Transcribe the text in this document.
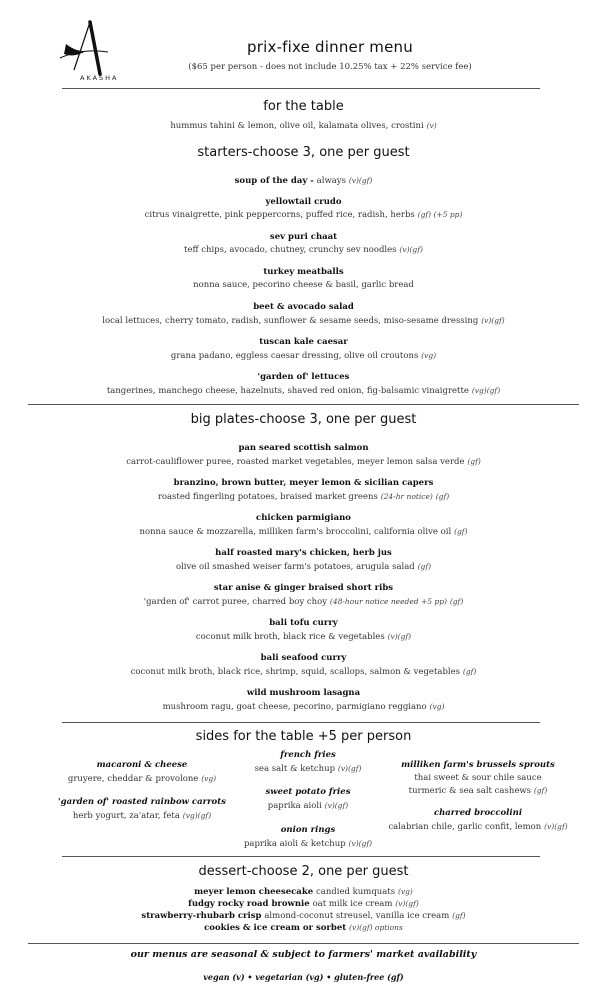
AKASHA
prix-fixe dinner menu
($65 per person - does not include 10.25% tax + 22% service fee)
for the table
hummus tahini & lemon, olive oil, kalamata olives, crostini (v)
starters-choose 3, one per guest
soup of the day - always (v)(gf)
yellowtail crudo
citrus vinaigrette, pink peppercorns, puffed rice, radish, herbs (gf) (+5 pp)
sev puri chaat
teff chips, avocado, chutney, crunchy sev noodles (v)(gf)
turkey meatballs
nonna sauce, pecorino cheese & basil, garlic bread
beet & avocado salad
local lettuces, cherry tomato, radish, sunflower & sesame seeds, miso-sesame dressing (v)(gf)
tuscan kale caesar
grana padano, eggless caesar dressing, olive oil croutons (vg)
'garden of' lettuces
tangerines, manchego cheese, hazelnuts, shaved red onion, fig-balsamic vinaigrette (vg)(gf)
big plates-choose 3, one per guest
pan seared scottish salmon
carrot-cauliflower puree, roasted market vegetables, meyer lemon salsa verde (gf)
branzino, brown butter, meyer lemon & sicilian capers
roasted fingerling potatoes, braised market greens (24-hr notice) (gf)
chicken parmigiano
nonna sauce & mozzarella, milliken farm's broccolini, california olive oil (gf)
half roasted mary's chicken, herb jus
olive oil smashed weiser farm's potatoes, arugula salad (gf)
star anise & ginger braised short ribs
'garden of' carrot puree, charred boy choy (48-hour notice needed +5 pp) (gf)
bali tofu curry
coconut milk broth, black rice & vegetables (v)(gf)
bali seafood curry
coconut milk broth, black rice, shrimp, squid, scallops, salmon & vegetables (gf)
wild mushroom lasagna
mushroom ragu, goat cheese, pecorino, parmigiano reggiano (vg)
sides for the table +5 per person
macaroni & cheese
gruyere, cheddar & provolone (vg)
'garden of' roasted rainbow carrots
herb yogurt, za'atar, feta (vg)(gf)
french fries
sea salt & ketchup (v)(gf)
sweet potato fries
paprika aioli (v)(gf)
onion rings
paprika aioli & ketchup (v)(gf)
milliken farm's brussels sprouts
thai sweet & sour chile sauce
turmeric & sea salt cashews (gf)
charred broccolini
calabrian chile, garlic confit, lemon (v)(gf)
dessert-choose 2, one per guest
meyer lemon cheesecake candied kumquats (vg)
fudgy rocky road brownie oat milk ice cream (v)(gf)
strawberry-rhubarb crisp almond-coconut streusel, vanilla ice cream (gf)
cookies & ice cream or sorbet (v)(gf) options
our menus are seasonal & subject to farmers' market availability
vegan (v) • vegetarian (vg) • gluten-free (gf)
